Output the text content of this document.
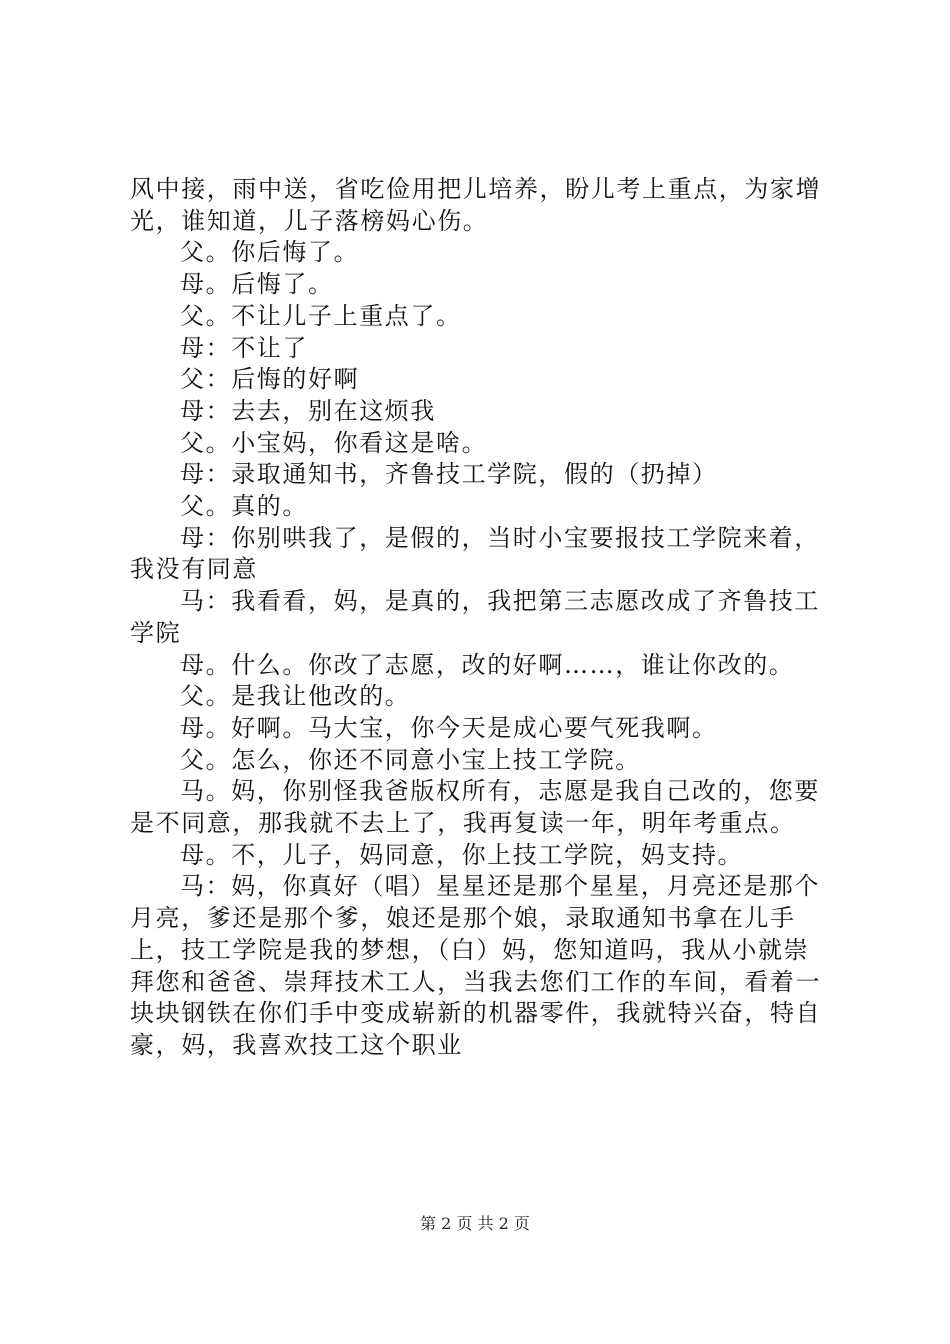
风中接，雨中送，省吃俭用把儿培养，盼儿考上重点，为家增光，谁知道，儿子落榜妈心伤。

父。你后悔了。

母。后悔了。

父。不让儿子上重点了。

母：不让了

父：后悔的好啊

母：去去，别在这烦我

父。小宝妈，你看这是啥。

母：录取通知书，齐鲁技工学院，假的（扔掉）

父。真的。

母：你别哄我了，是假的，当时小宝要报技工学院来着，我没有同意

马：我看看，妈，是真的，我把第三志愿改成了齐鲁技工学院

母。什么。你改了志愿，改的好啊……，谁让你改的。

父。是我让他改的。

母。好啊。马大宝，你今天是成心要气死我啊。

父。怎么，你还不同意小宝上技工学院。

马。妈，你别怪我爸版权所有，志愿是我自己改的，您要是不同意，那我就不去上了，我再复读一年，明年考重点。

母。不，儿子，妈同意，你上技工学院，妈支持。

马：妈，你真好（唱）星星还是那个星星，月亮还是那个月亮，爹还是那个爹，娘还是那个娘，录取通知书拿在儿手上，技工学院是我的梦想，（白）妈，您知道吗，我从小就崇拜您和爸爸、崇拜技术工人，当我去您们工作的车间，看着一块块钢铁在你们手中变成崭新的机器零件，我就特兴奋，特自豪，妈，我喜欢技工这个职业

第 2 页 共 2 页
